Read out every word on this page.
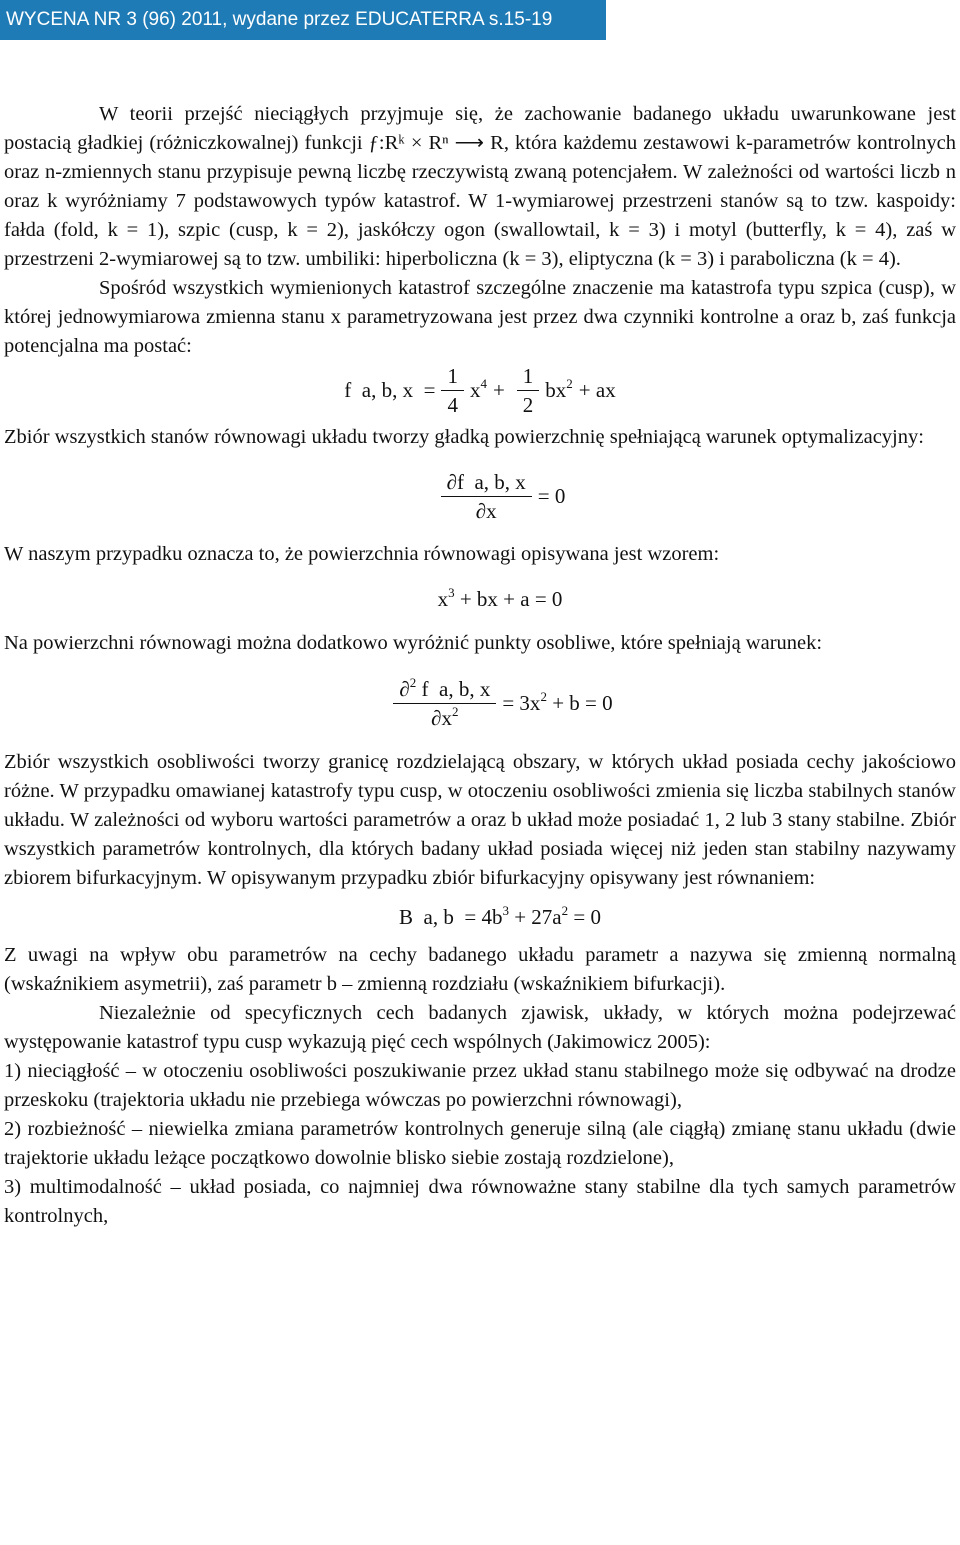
WYCENA NR 3 (96) 2011, wydane przez EDUCATERRA s.15-19

W teorii przejść nieciągłych przyjmuje się, że zachowanie badanego układu uwarunkowane jest postacią gładkiej (różniczkowalnej) funkcji ƒ:Rᵏ × Rⁿ ⟶ R, która każdemu zestawowi k-parametrów kontrolnych oraz n-zmiennych stanu przypisuje pewną liczbę rzeczywistą zwaną potencjałem. W zależności od wartości liczb n oraz k wyróżniamy 7 podstawowych typów katastrof. W 1-wymiarowej przestrzeni stanów są to tzw. kaspoidy: fałda (fold, k = 1), szpic (cusp, k = 2), jaskółczy ogon (swallowtail, k = 3) i motyl (butterfly, k = 4), zaś w przestrzeni 2-wymiarowej są to tzw. umbiliki: hiperboliczna (k = 3), eliptyczna (k = 3) i paraboliczna (k = 4).

Spośród wszystkich wymienionych katastrof szczególne znaczenie ma katastrofa typu szpica (cusp), w której jednowymiarowa zmienna stanu x parametryzowana jest przez dwa czynniki kontrolne a oraz b, zaś funkcja potencjalna ma postać:

f  a, b, $x = \frac{1}{4} x^4 + \frac{1}{2} bx^2$ + ax

Zbiór wszystkich stanów równowagi układu tworzy gładką powierzchnię spełniającą warunek optymalizacyjny:

$\frac{\text{∂f  a, b, x}}{\partial x} = 0$

W naszym przypadku oznacza to, że powierzchnia równowagi opisywana jest wzorem:

$x^3$ + bx + a = 0

Na powierzchni równowagi można dodatkowo wyróżnić punkty osobliwe, które spełniają warunek:

$\frac{\partial^2 f a, b, x}{\partial x^2} = 3x^2 + b = 0$

Zbiór wszystkich osobliwości tworzy granicę rozdzielającą obszary, w których układ posiada cechy jakościowo różne. W przypadku omawianej katastrofy typu cusp, w otoczeniu osobliwości zmienia się liczba stabilnych stanów układu. W zależności od wyboru wartości parametrów a oraz b układ może posiadać 1, 2 lub 3 stany stabilne. Zbiór wszystkich parametrów kontrolnych, dla których badany układ posiada więcej niż jeden stan stabilny nazywamy zbiorem bifurkacyjnym. W opisywanym przypadku zbiór bifurkacyjny opisywany jest równaniem:

B  a, $b = 4b^3 + 27a^2 = 0$

Z uwagi na wpływ obu parametrów na cechy badanego układu parametr a nazywa się zmienną normalną (wskaźnikiem asymetrii), zaś parametr b – zmienną rozdziału (wskaźnikiem bifurkacji).

Niezależnie od specyficznych cech badanych zjawisk, układy, w których można podejrzewać występowanie katastrof typu cusp wykazują pięć cech wspólnych (Jakimowicz 2005):

1) nieciągłość – w otoczeniu osobliwości poszukiwanie przez układ stanu stabilnego może się odbywać na drodze przeskoku (trajektoria układu nie przebiega wówczas po powierzchni równowagi),

2) rozbieżność – niewielka zmiana parametrów kontrolnych generuje silną (ale ciągłą) zmianę stanu układu (dwie trajektorie układu leżące początkowo dowolnie blisko siebie zostają rozdzielone),

3) multimodalność – układ posiada, co najmniej dwa równoważne stany stabilne dla tych samych parametrów kontrolnych,
